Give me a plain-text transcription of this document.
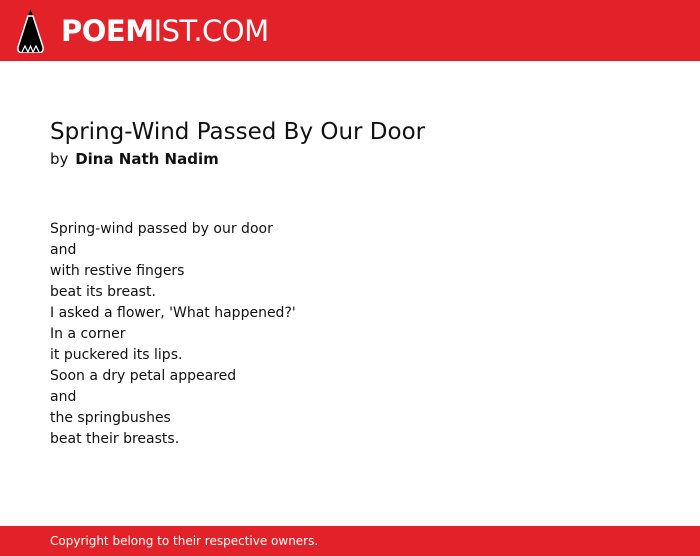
POEMIST.COM
Spring-Wind Passed By Our Door
by Dina Nath Nadim
Spring-wind passed by our door
and
with restive fingers
beat its breast.
I asked a flower, 'What happened?'
In a corner
it puckered its lips.
Soon a dry petal appeared
and
the springbushes
beat their breasts.
Copyright belong to their respective owners.
